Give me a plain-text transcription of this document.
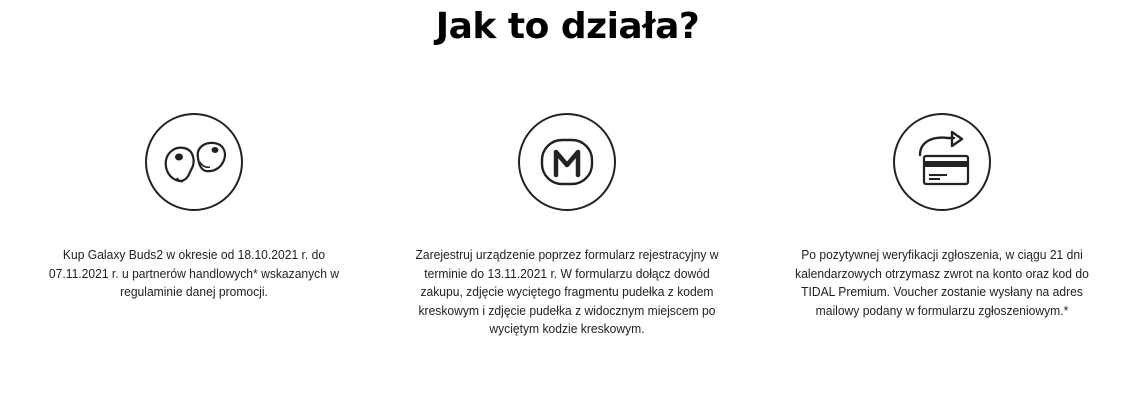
Jak to działa?
Kup Galaxy Buds2 w okresie od 18.10.2021 r. do 07.11.2021 r. u partnerów handlowych* wskazanych w regulaminie danej promocji.
Zarejestruj urządzenie poprzez formularz rejestracyjny w terminie do 13.11.2021 r. W formularzu dołącz dowód zakupu, zdjęcie wyciętego fragmentu pudełka z kodem kreskowym i zdjęcie pudełka z widocznym miejscem po wyciętym kodzie kreskowym.
Po pozytywnej weryfikacji zgłoszenia, w ciągu 21 dni kalendarzowych otrzymasz zwrot na konto oraz kod do TIDAL Premium. Voucher zostanie wysłany na adres mailowy podany w formularzu zgłoszeniowym.*
